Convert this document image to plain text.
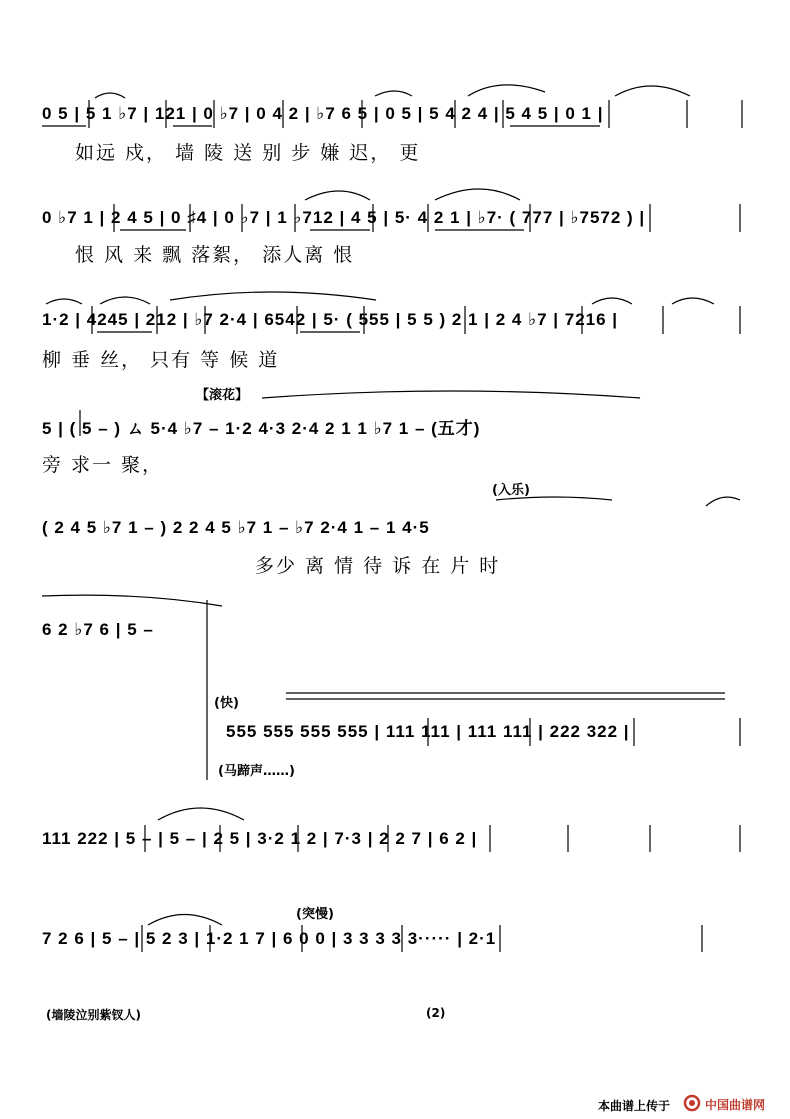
0 5 | 5 1 ♭7 | 121 | 0 ♭7 | 0 4 2 | ♭7 6 5 | 0 5 | 5 4 2 4 | 5 4 5 | 0 1 |
如远 戍， 墙 陵 送 别 步 嫌 迟， 更
0 ♭7 1 | 2 4 5 | 0 ♯4 | 0 ♭7 | 1 ♭712 | 4 5 | 5· 4 2 1 | ♭7· ( 777 | ♭7572 ) |
恨 风 来 飘 落絮， 添人离 恨
1·2 | 4245 | 212 | ♭7 2·4 | 6542 | 5· ( 555 | 5 5 ) 2 1 | 2 4 ♭7 | 7216 |
柳 垂 丝， 只有 等 候 道
【滚花】
5 | ( 5 – ) ㄙ 5·4 ♭7 – 1·2 4·3 2·4 2 1 1 ♭7 1 – (五才)
旁 求一 聚，
(入乐)
( 2 4 5 ♭7 1 – ) 2 2 4 5 ♭7 1 – ♭7 2·4 1 – 1 4·5
多少 离 情 待 诉 在 片 时
6 2 ♭7 6 | 5 –
(快)
555 555 555 555 | 111 111 | 111 111 | 222 322 |
(马蹄声……)
111 222 | 5 – | 5 – | 2 5 | 3·2 1 2 | 7·3 | 2 2 7 | 6 2 |
(突慢)
7 2 6 | 5 – | 5 2 3 | 1·2 1 7 | 6 0 0 | 3 3 3 3 3····· | 2·1
(墙陵泣别紫钗人)	(2)
本曲谱上传于	中国曲谱网
